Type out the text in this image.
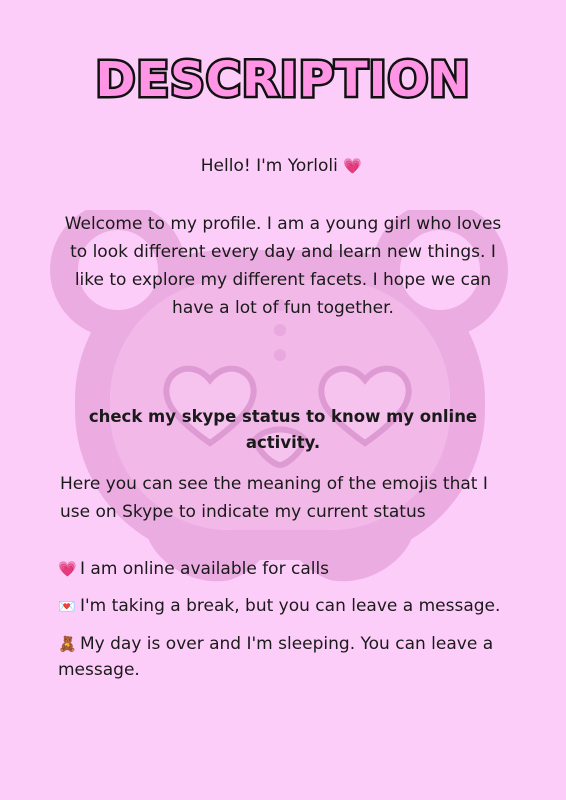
DESCRIPTION
Hello! I'm Yorloli 💗
Welcome to my profile. I am a young girl who loves to look different every day and learn new things. I like to explore my different facets. I hope we can have a lot of fun together.
check my skype status to know my online activity.
Here you can see the meaning of the emojis that I use on Skype to indicate my current status
💗 I am online available for calls
💌 I'm taking a break, but you can leave a message.
🧸 My day is over and I'm sleeping. You can leave a message.
